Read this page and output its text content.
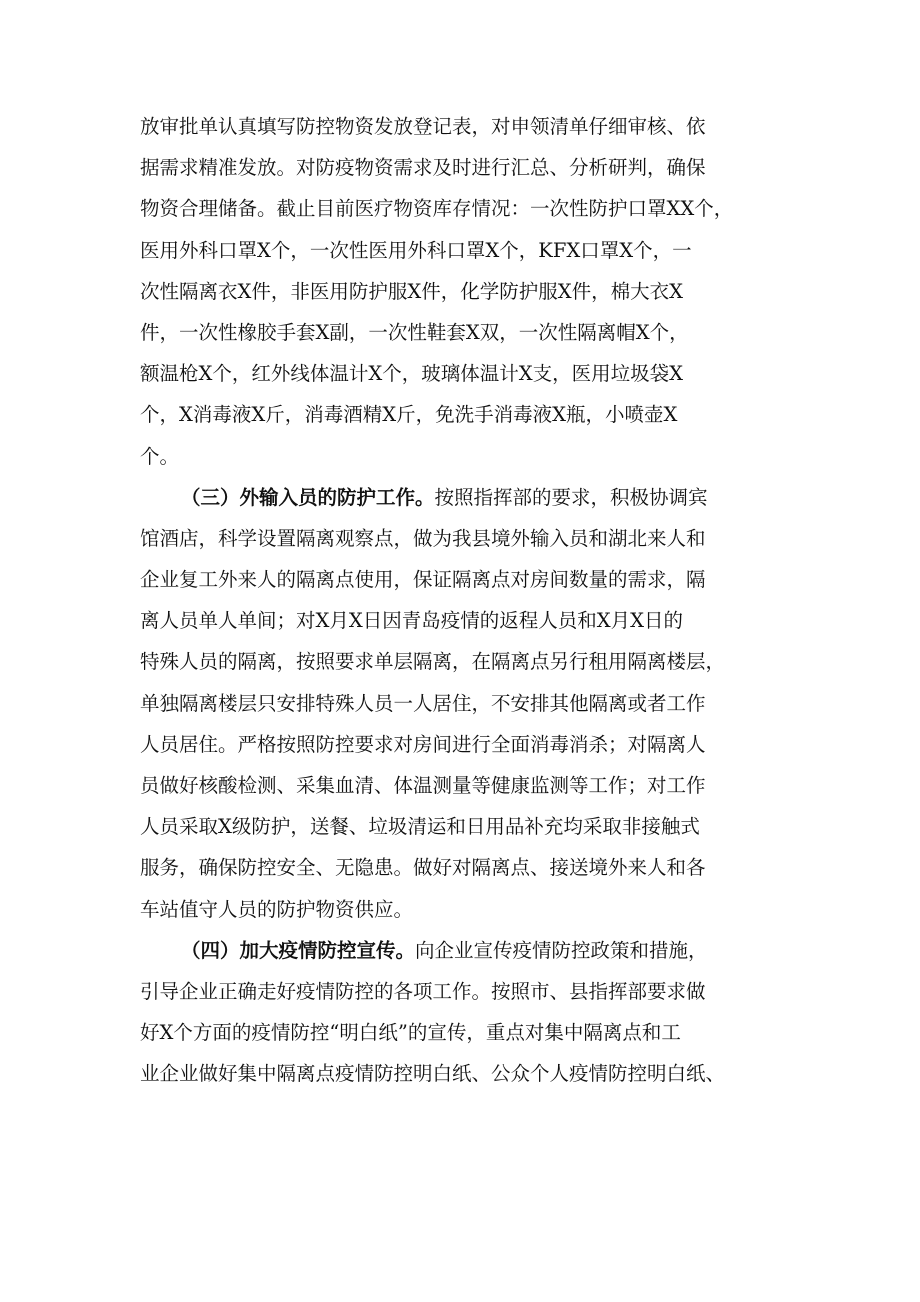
放审批单认真填写防控物资发放登记表，对申领清单仔细审核、依
据需求精准发放。对防疫物资需求及时进行汇总、分析研判，确保
物资合理储备。截止目前医疗物资库存情况：一次性防护口罩XX个，
医用外科口罩X个，一次性医用外科口罩X个，KFX口罩X个，一
次性隔离衣X件，非医用防护服X件，化学防护服X件，棉大衣X
件，一次性橡胶手套X副，一次性鞋套X双，一次性隔离帽X个，
额温枪X个，红外线体温计X个，玻璃体温计X支，医用垃圾袋X
个，X消毒液X斤，消毒酒精X斤，免洗手消毒液X瓶，小喷壶X
个。
（三）外输入员的防护工作。按照指挥部的要求，积极协调宾
馆酒店，科学设置隔离观察点，做为我县境外输入员和湖北来人和
企业复工外来人的隔离点使用，保证隔离点对房间数量的需求，隔
离人员单人单间；对X月X日因青岛疫情的返程人员和X月X日的
特殊人员的隔离，按照要求单层隔离，在隔离点另行租用隔离楼层，
单独隔离楼层只安排特殊人员一人居住，不安排其他隔离或者工作
人员居住。严格按照防控要求对房间进行全面消毒消杀；对隔离人
员做好核酸检测、采集血清、体温测量等健康监测等工作；对工作
人员采取X级防护，送餐、垃圾清运和日用品补充均采取非接触式
服务，确保防控安全、无隐患。做好对隔离点、接送境外来人和各
车站值守人员的防护物资供应。
（四）加大疫情防控宣传。向企业宣传疫情防控政策和措施，
引导企业正确走好疫情防控的各项工作。按照市、县指挥部要求做
好X个方面的疫情防控“明白纸”的宣传，重点对集中隔离点和工
业企业做好集中隔离点疫情防控明白纸、公众个人疫情防控明白纸、
